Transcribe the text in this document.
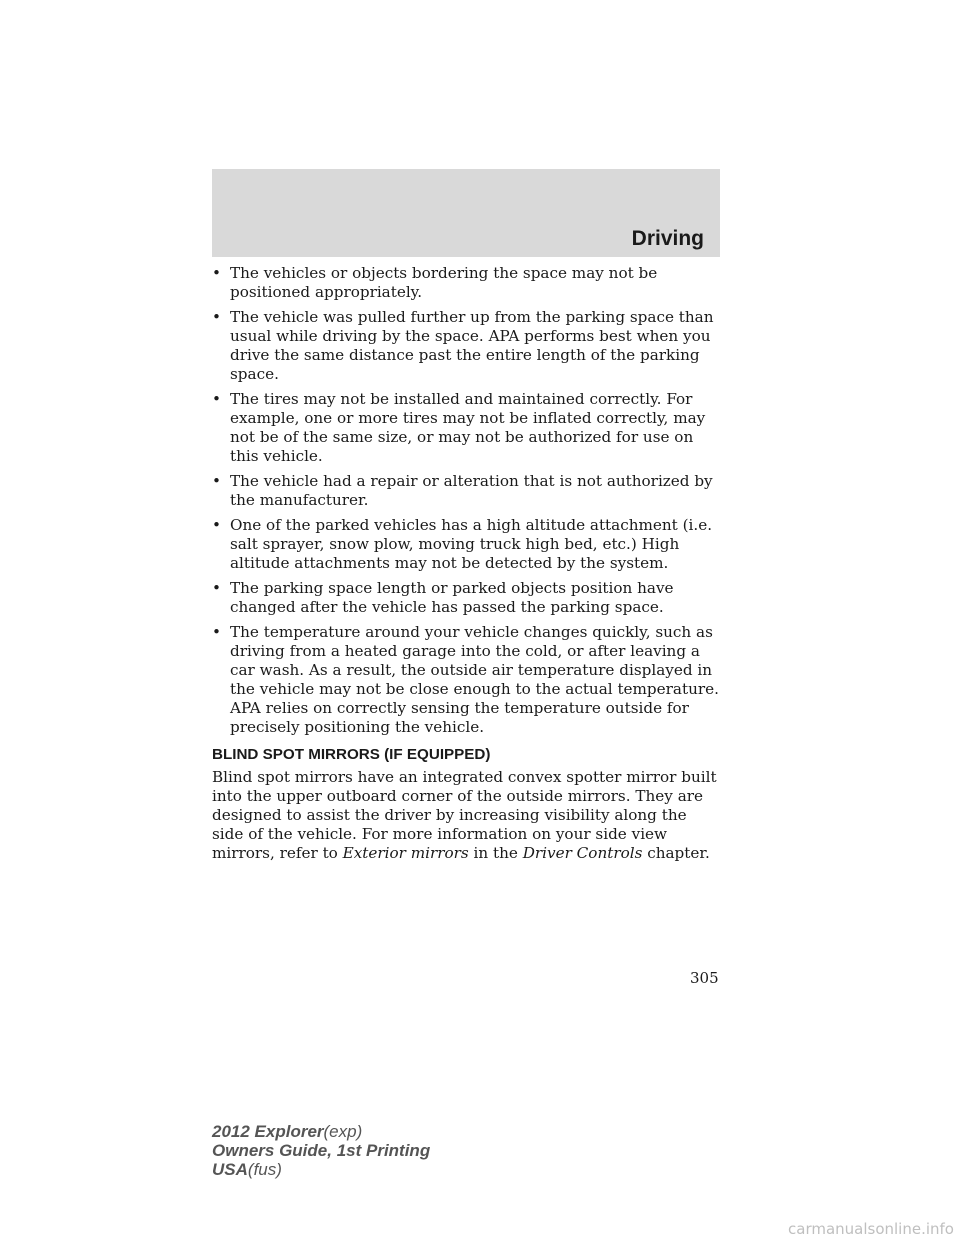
Driving
• The vehicles or objects bordering the space may not be positioned appropriately.
• The vehicle was pulled further up from the parking space than usual while driving by the space. APA performs best when you drive the same distance past the entire length of the parking space.
• The tires may not be installed and maintained correctly. For example, one or more tires may not be inflated correctly, may not be of the same size, or may not be authorized for use on this vehicle.
• The vehicle had a repair or alteration that is not authorized by the manufacturer.
• One of the parked vehicles has a high altitude attachment (i.e. salt sprayer, snow plow, moving truck high bed, etc.) High altitude attachments may not be detected by the system.
• The parking space length or parked objects position have changed after the vehicle has passed the parking space.
• The temperature around your vehicle changes quickly, such as driving from a heated garage into the cold, or after leaving a car wash. As a result, the outside air temperature displayed in the vehicle may not be close enough to the actual temperature. APA relies on correctly sensing the temperature outside for precisely positioning the vehicle.
BLIND SPOT MIRRORS (IF EQUIPPED)

Blind spot mirrors have an integrated convex spotter mirror built into the upper outboard corner of the outside mirrors. They are designed to assist the driver by increasing visibility along the side of the vehicle. For more information on your side view mirrors, refer to Exterior mirrors in the Driver Controls chapter.

305
2012 Explorer(exp)
Owners Guide, 1st Printing
USA(fus)
carmanualsonline.info
